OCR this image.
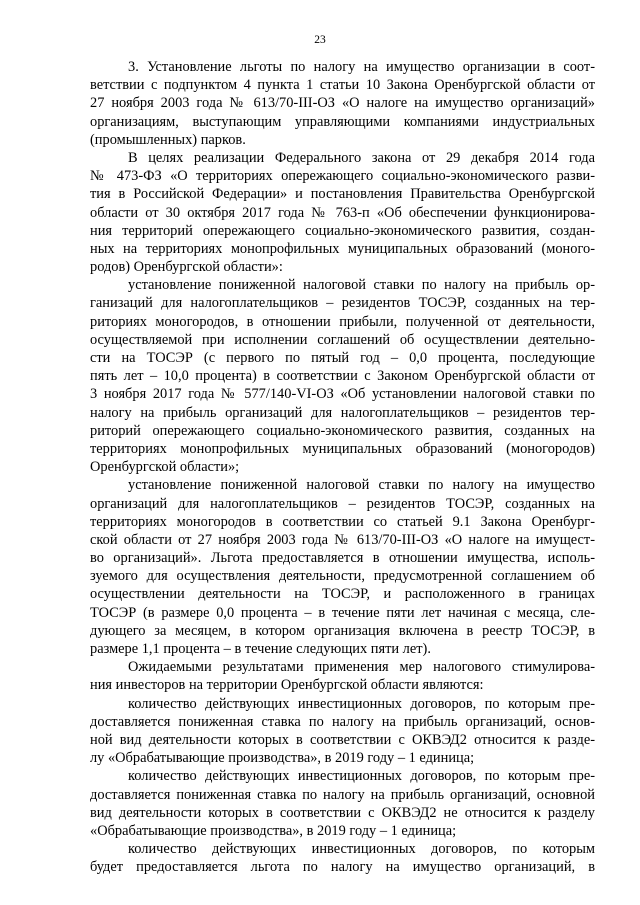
23
3. Установление льготы по налогу на имущество организации в соот-
ветствии с подпунктом 4 пункта 1 статьи 10 Закона Оренбургской области от
27 ноября 2003 года № 613/70-III-ОЗ «О налоге на имущество организаций»
организациям, выступающим управляющими компаниями индустриальных
(промышленных) парков.
В целях реализации Федерального закона от 29 декабря 2014 года
№ 473-ФЗ «О территориях опережающего социально-экономического разви-
тия в Российской Федерации» и постановления Правительства Оренбургской
области от 30 октября 2017 года № 763-п «Об обеспечении функционирова-
ния территорий опережающего социально-экономического развития, создан-
ных на территориях монопрофильных муниципальных образований (моного-
родов) Оренбургской области»:
установление пониженной налоговой ставки по налогу на прибыль ор-
ганизаций для налогоплательщиков – резидентов ТОСЭР, созданных на тер-
риториях моногородов, в отношении прибыли, полученной от деятельности,
осуществляемой при исполнении соглашений об осуществлении деятельно-
сти на ТОСЭР (с первого по пятый год – 0,0 процента, последующие
пять лет – 10,0 процента) в соответствии с Законом Оренбургской области от
3 ноября 2017 года № 577/140-VI-ОЗ «Об установлении налоговой ставки по
налогу на прибыль организаций для налогоплательщиков – резидентов тер-
риторий опережающего социально-экономического развития, созданных на
территориях монопрофильных муниципальных образований (моногородов)
Оренбургской области»;
установление пониженной налоговой ставки по налогу на имущество
организаций для налогоплательщиков – резидентов ТОСЭР, созданных на
территориях моногородов в соответствии со статьей 9.1 Закона Оренбург-
ской области от 27 ноября 2003 года № 613/70-III-ОЗ «О налоге на имущест-
во организаций». Льгота предоставляется в отношении имущества, исполь-
зуемого для осуществления деятельности, предусмотренной соглашением об
осуществлении деятельности на ТОСЭР, и расположенного в границах
ТОСЭР (в размере 0,0 процента – в течение пяти лет начиная с месяца, сле-
дующего за месяцем, в котором организация включена в реестр ТОСЭР, в
размере 1,1 процента – в течение следующих пяти лет).
Ожидаемыми результатами применения мер налогового стимулирова-
ния инвесторов на территории Оренбургской области являются:
количество действующих инвестиционных договоров, по которым пре-
доставляется пониженная ставка по налогу на прибыль организаций, основ-
ной вид деятельности которых в соответствии с ОКВЭД2 относится к разде-
лу «Обрабатывающие производства», в 2019 году – 1 единица;
количество действующих инвестиционных договоров, по которым пре-
доставляется пониженная ставка по налогу на прибыль организаций, основной
вид деятельности которых в соответствии с ОКВЭД2 не относится к разделу
«Обрабатывающие производства», в 2019 году – 1 единица;
количество действующих инвестиционных договоров, по которым
будет предоставляется льгота по налогу на имущество организаций, в
